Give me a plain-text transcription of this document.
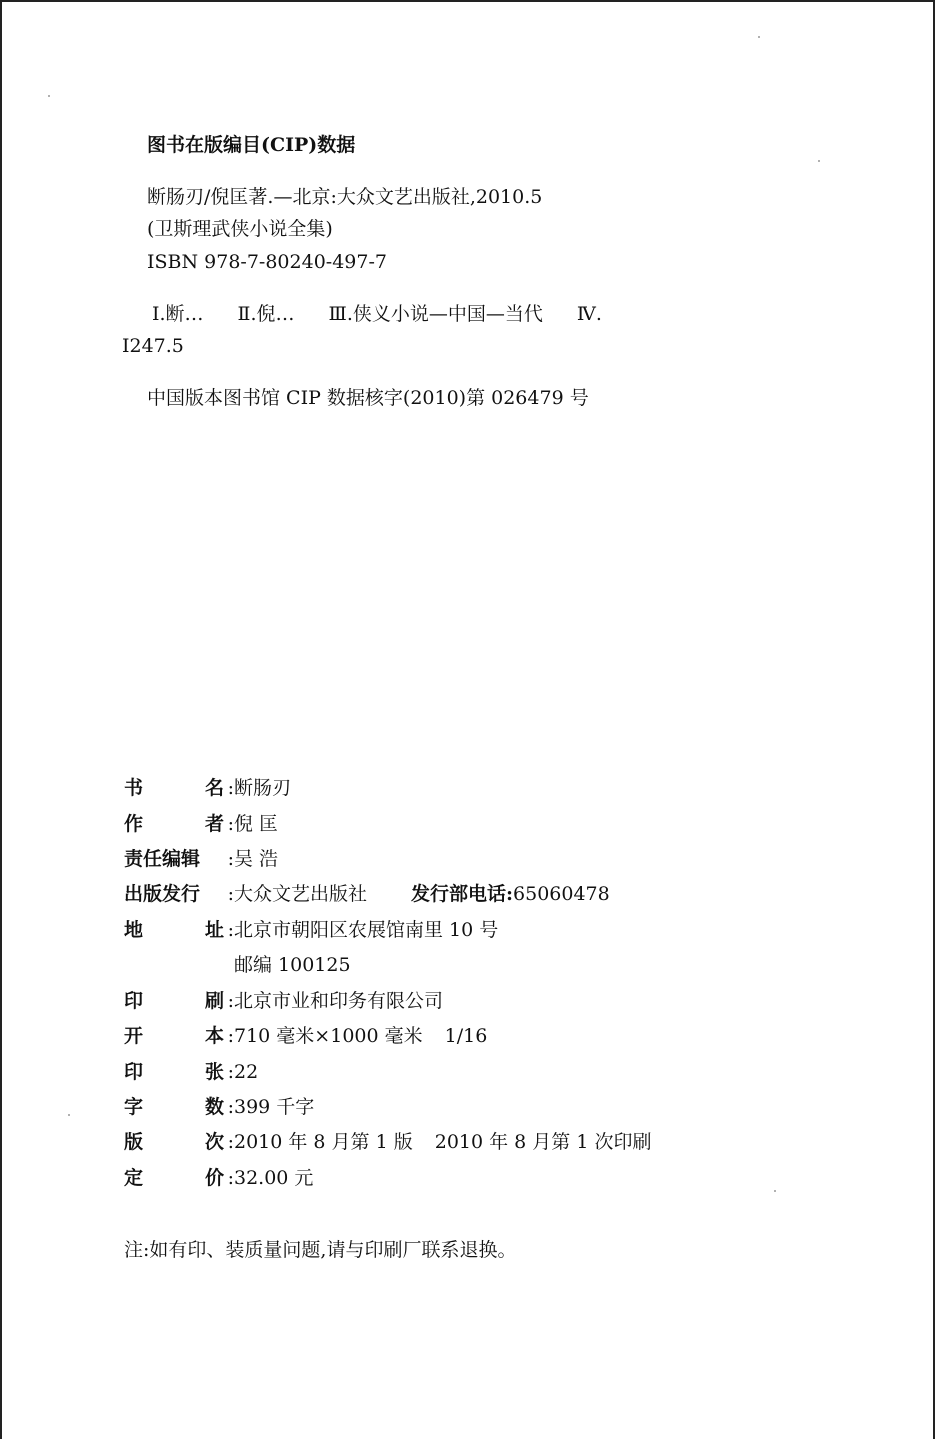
图书在版编目(CIP)数据
断肠刃/倪匡著.—北京:大众文艺出版社,2010.5
(卫斯理武侠小说全集)
ISBN 978-7-80240-497-7
Ⅰ.断… Ⅱ.倪… Ⅲ.侠义小说—中国—当代 Ⅳ.
I247.5
中国版本图书馆 CIP 数据核字(2010)第 026479 号
书	名 : 断肠刃
作	者 : 倪 匡
责任编辑 : 吴 浩
出版发行 : 大众文艺出版社 发行部电话:65060478
地	址 : 北京市朝阳区农展馆南里 10 号
邮编 100125
印	刷 : 北京市业和印务有限公司
开	本 : 710 毫米×1000 毫米 1/16
印	张 : 22
字	数 : 399 千字
版	次 : 2010 年 8 月第 1 版 2010 年 8 月第 1 次印刷
定	价 : 32.00 元
注:如有印、装质量问题,请与印刷厂联系退换。
